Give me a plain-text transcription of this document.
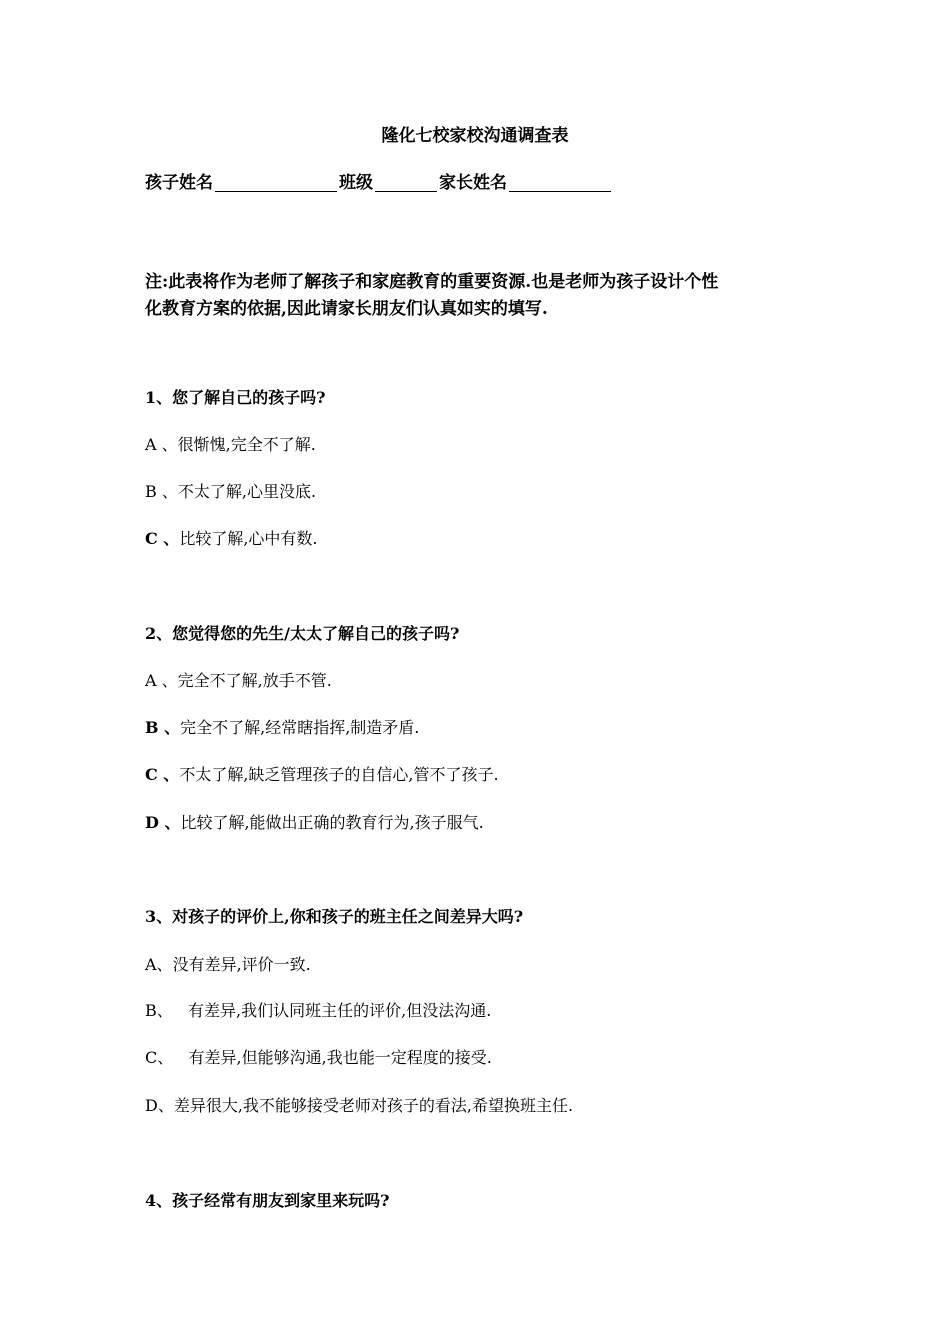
隆化七校家校沟通调查表
孩子姓名	班级	家长姓名
注:此表将作为老师了解孩子和家庭教育的重要资源.也是老师为孩子设计个性
化教育方案的依据,因此请家长朋友们认真如实的填写.
1、您了解自己的孩子吗?
A 、很惭愧,完全不了解.
B 、不太了解,心里没底.
C 、比较了解,心中有数.
2、您觉得您的先生/太太了解自己的孩子吗?
A 、完全不了解,放手不管.
B 、完全不了解,经常瞎指挥,制造矛盾.
C 、不太了解,缺乏管理孩子的自信心,管不了孩子.
D 、比较了解,能做出正确的教育行为,孩子服气.
3、对孩子的评价上,你和孩子的班主任之间差异大吗?
A、没有差异,评价一致.
B、   有差异,我们认同班主任的评价,但没法沟通.
C、   有差异,但能够沟通,我也能一定程度的接受.
D、差异很大,我不能够接受老师对孩子的看法,希望换班主任.
4、孩子经常有朋友到家里来玩吗?
